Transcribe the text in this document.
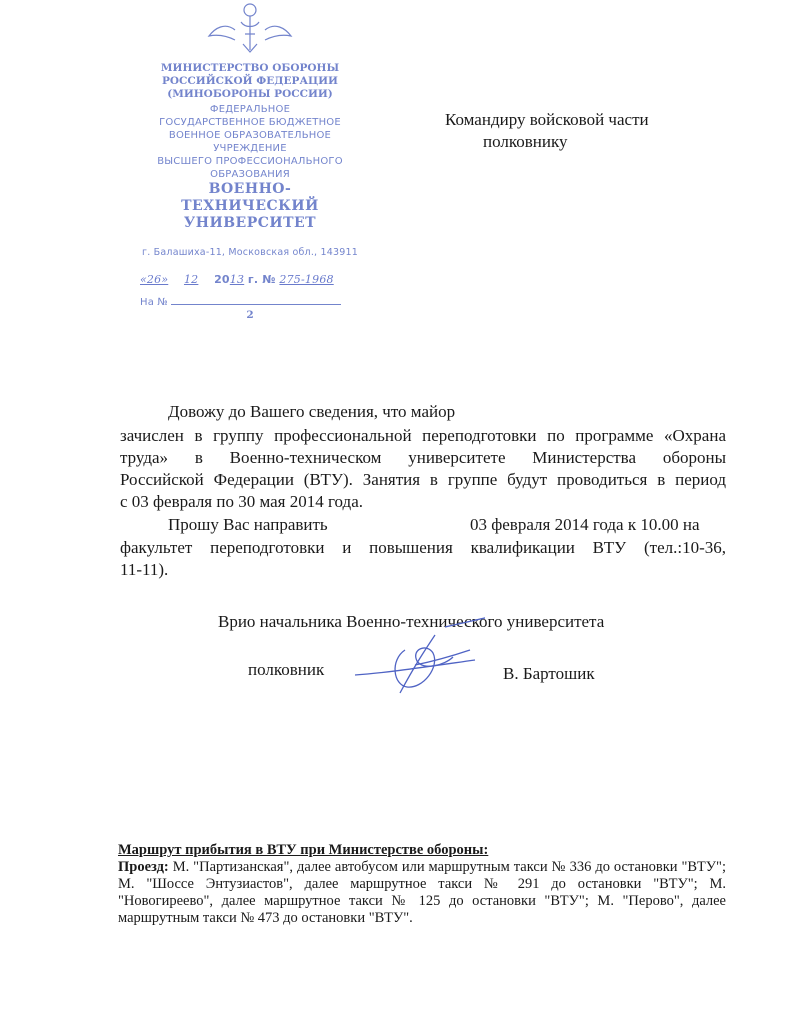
МИНИСТЕРСТВО ОБОРОНЫ
РОССИЙСКОЙ ФЕДЕРАЦИИ
(МИНОБОРОНЫ РОССИИ)
ФЕДЕРАЛЬНОЕ
ГОСУДАРСТВЕННОЕ БЮДЖЕТНОЕ
ВОЕННОЕ ОБРАЗОВАТЕЛЬНОЕ
УЧРЕЖДЕНИЕ
ВЫСШЕГО ПРОФЕССИОНАЛЬНОГО
ОБРАЗОВАНИЯ
ВОЕННО-ТЕХНИЧЕСКИЙ
УНИВЕРСИТЕТ
г. Балашиха-11, Московская обл., 143911
«26» 12 2013 г. № 275-1968
На №
2
Командиру войсковой части
полковнику
Довожу до Вашего сведения, что майор
зачислен в группу профессиональной переподготовки по программе «Охрана
труда» в Военно-техническом университете Министерства обороны
Российской Федерации (ВТУ). Занятия в группе будут проводиться в период
с 03 февраля по 30 мая 2014 года.
Прошу Вас направить	03 февраля 2014 года к 10.00 на
факультет переподготовки и повышения квалификации ВТУ (тел.:10-36,
11-11).
Врио начальника Военно-технического университета
полковник	В. Бартошик
Маршрут прибытия в ВТУ при Министерстве обороны:
Проезд: М. "Партизанская", далее автобусом или маршрутным такси № 336 до остановки "ВТУ"; М. "Шоссе Энтузиастов", далее маршрутное такси № 291 до остановки "ВТУ"; М. "Новогиреево", далее маршрутное такси № 125 до остановки "ВТУ"; М. "Перово", далее маршрутным такси № 473 до остановки "ВТУ".
